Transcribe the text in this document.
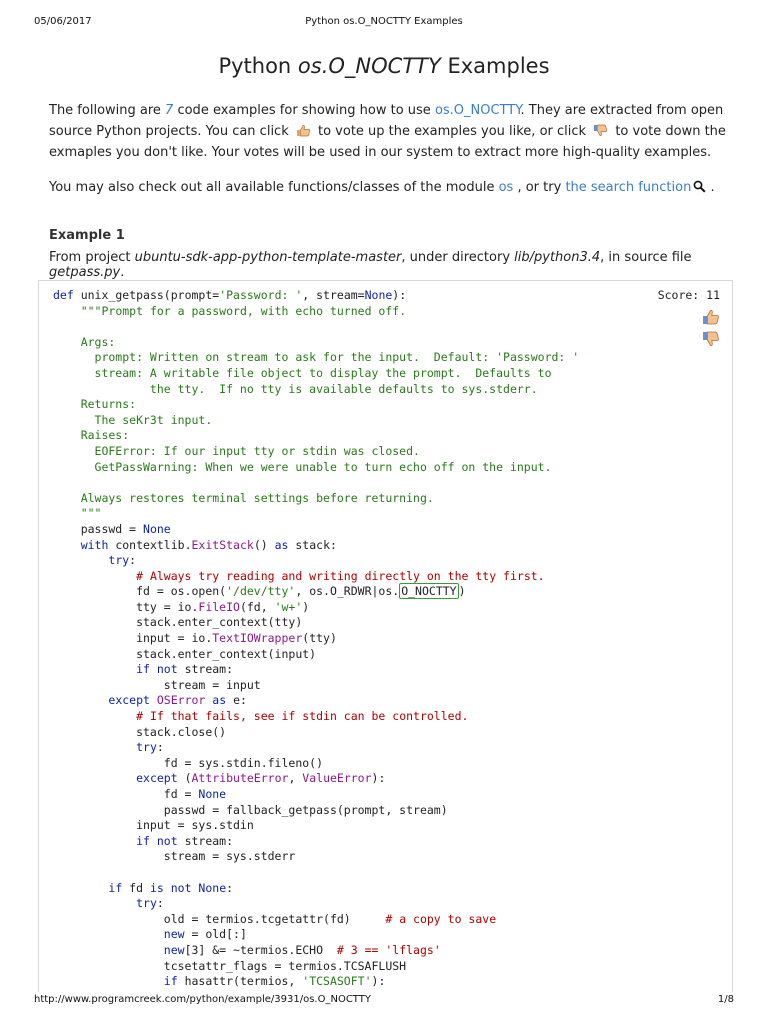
05/06/2017	Python os.O_NOCTTY Examples
Python os.O_NOCTTY Examples

The following are 7 code examples for showing how to use os.O_NOCTTY. They are extracted from open source Python projects. You can click
to vote up the examples you like, or click
to vote down the exmaples you don't like. Your votes will be used in our system to extract more high-quality examples.

You may also check out all available functions/classes of the module os , or try the search function .

Example 1

From project ubuntu-sdk-app-python-template-master, under directory lib/python3.4, in source file getpass.py.

Score: 11
def unix_getpass(prompt='Password: ', stream=None):
"""Prompt for a password, with echo turned off.
Args:
prompt: Written on stream to ask for the input.  Default: 'Password: '
stream: A writable file object to display the prompt.  Defaults to
the tty.  If no tty is available defaults to sys.stderr.
Returns:
The seKr3t input.
Raises:
EOFError: If our input tty or stdin was closed.
GetPassWarning: When we were unable to turn echo off on the input.
Always restores terminal settings before returning.
"""
passwd = None
with contextlib.ExitStack() as stack:
try:
# Always try reading and writing directly on the tty first.
fd = os.open('/dev/tty', os.O_RDWR|os. O_NOCTTY )
tty = io.FileIO(fd, 'w+')
stack.enter_context(tty)
input = io.TextIOWrapper(tty)
stack.enter_context(input)
if not stream:
stream = input
except OSError as e:
# If that fails, see if stdin can be controlled.
stack.close()
try:
fd = sys.stdin.fileno()
except (AttributeError, ValueError):
fd = None
passwd = fallback_getpass(prompt, stream)
input = sys.stdin
if not stream:
stream = sys.stderr
if fd is not None:
try:
old = termios.tcgetattr(fd)     # a copy to save
new = old[:]
new[3] &= ~termios.ECHO  # 3 == 'lflags'
tcsetattr_flags = termios.TCSAFLUSH
if hasattr(termios, 'TCSASOFT'):
http://www.programcreek.com/python/example/3931/os.O_NOCTTY	1/8
